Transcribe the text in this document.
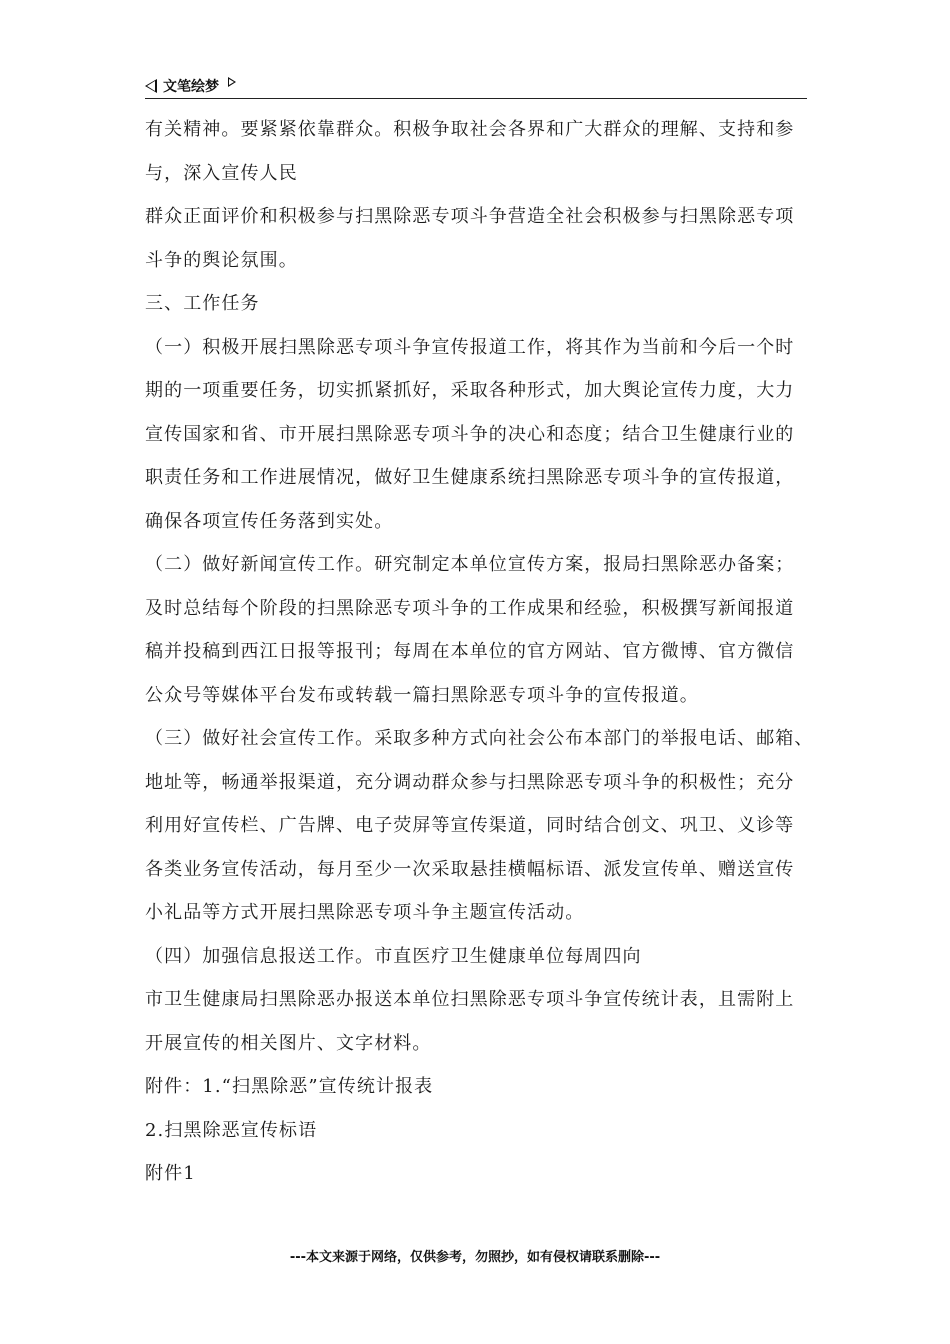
文笔绘梦
有关精神。要紧紧依靠群众。积极争取社会各界和广大群众的理解、支持和参
与，深入宣传人民
群众正面评价和积极参与扫黑除恶专项斗争营造全社会积极参与扫黑除恶专项
斗争的舆论氛围。
三、工作任务
（一）积极开展扫黑除恶专项斗争宣传报道工作，将其作为当前和今后一个时
期的一项重要任务，切实抓紧抓好，采取各种形式，加大舆论宣传力度，大力
宣传国家和省、市开展扫黑除恶专项斗争的决心和态度；结合卫生健康行业的
职责任务和工作进展情况，做好卫生健康系统扫黑除恶专项斗争的宣传报道，
确保各项宣传任务落到实处。
（二）做好新闻宣传工作。研究制定本单位宣传方案，报局扫黑除恶办备案；
及时总结每个阶段的扫黑除恶专项斗争的工作成果和经验，积极撰写新闻报道
稿并投稿到西江日报等报刊；每周在本单位的官方网站、官方微博、官方微信
公众号等媒体平台发布或转载一篇扫黑除恶专项斗争的宣传报道。
（三）做好社会宣传工作。采取多种方式向社会公布本部门的举报电话、邮箱、
地址等，畅通举报渠道，充分调动群众参与扫黑除恶专项斗争的积极性；充分
利用好宣传栏、广告牌、电子荧屏等宣传渠道，同时结合创文、巩卫、义诊等
各类业务宣传活动，每月至少一次采取悬挂横幅标语、派发宣传单、赠送宣传
小礼品等方式开展扫黑除恶专项斗争主题宣传活动。
（四）加强信息报送工作。市直医疗卫生健康单位每周四向
市卫生健康局扫黑除恶办报送本单位扫黑除恶专项斗争宣传统计表，且需附上
开展宣传的相关图片、文字材料。
附件：1.“扫黑除恶”宣传统计报表
2.扫黑除恶宣传标语
附件1
---本文来源于网络，仅供参考，勿照抄，如有侵权请联系删除---
